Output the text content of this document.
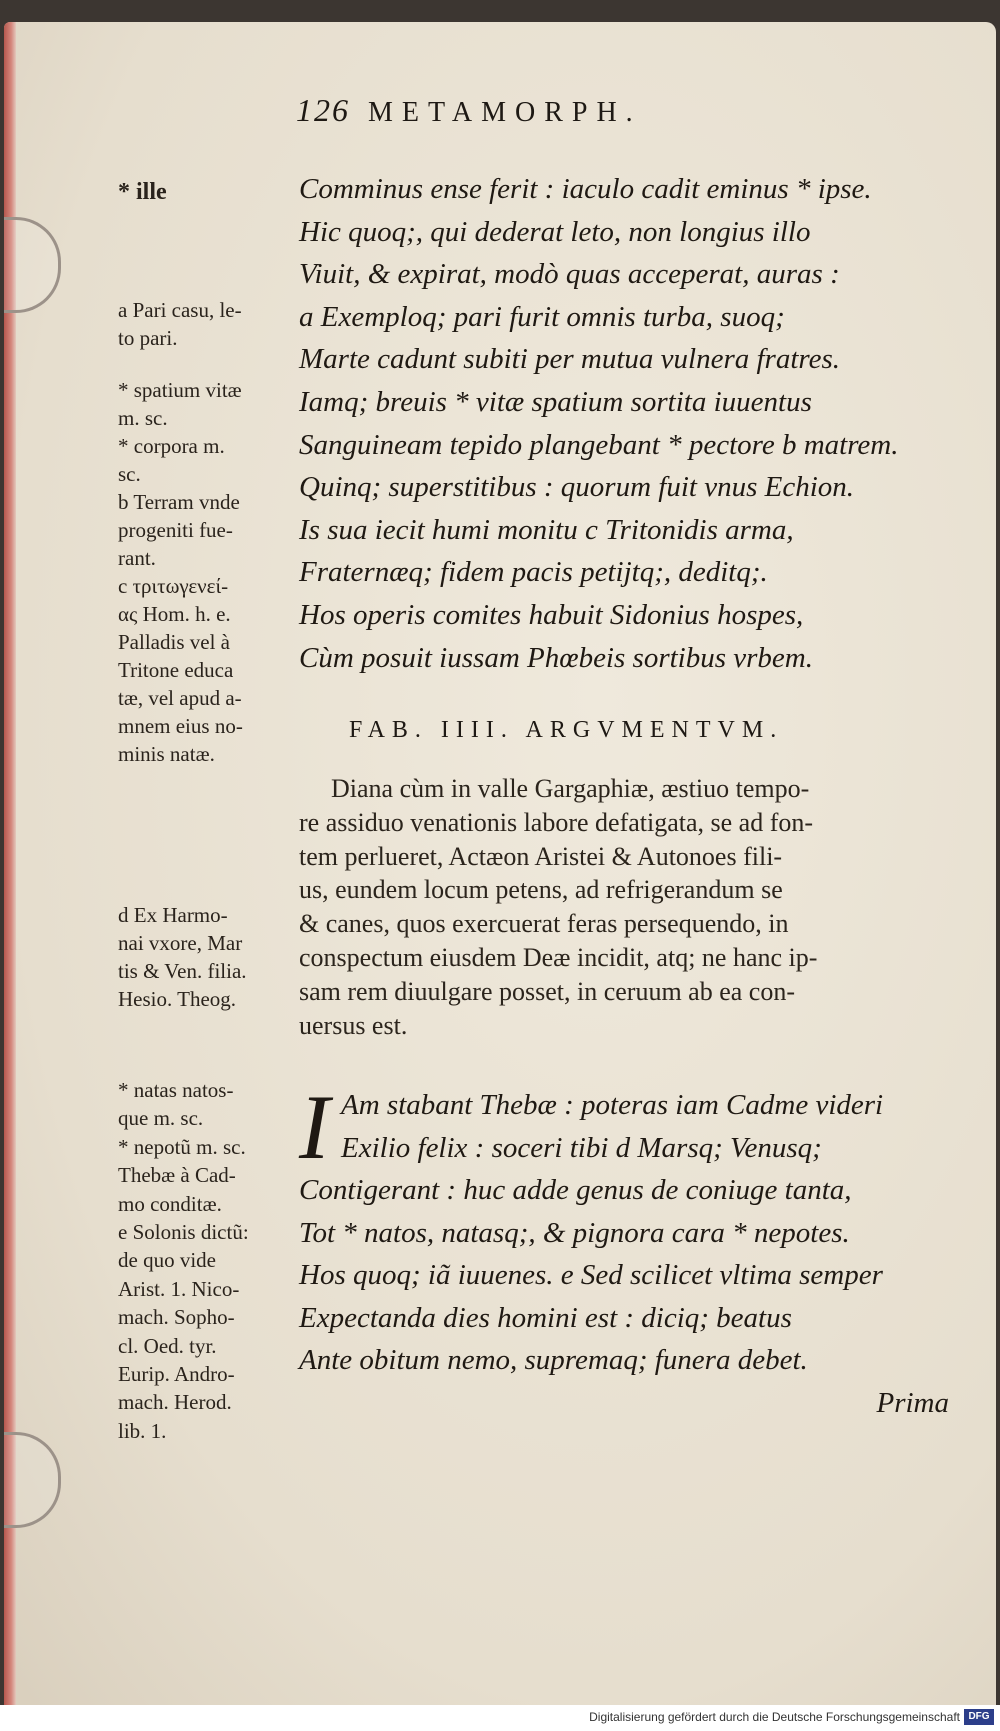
126 METAMORPH.
Comminus ense ferit : iaculo cadit eminus * ipse.
Hic quoq;, qui dederat leto, non longius illo
Viuit, & expirat, modò quas acceperat, auras :
a Exemploq; pari furit omnis turba, suoq;
Marte cadunt subiti per mutua vulnera fratres.
Iamq; breuis * vitæ spatium sortita iuuentus
Sanguineam tepido plangebant * pectore b matrem.
Quinq; superstitibus : quorum fuit vnus Echion.
Is sua iecit humi monitu c Tritonidis arma,
Fraternæq; fidem pacis petijtq;, deditq;.
Hos operis comites habuit Sidonius hospes,
Cùm posuit iussam Phœbeis sortibus vrbem.
FAB. IIII. ARGVMENTVM.
Diana cùm in valle Gargaphiæ, æstiuo tempo-
re assiduo venationis labore defatigata, se ad fon-
tem perlueret, Actæon Aristei & Autonoes fili-
us, eundem locum petens, ad refrigerandum se
& canes, quos exercuerat feras persequendo, in
conspectum eiusdem Deæ incidit, atq; ne hanc ip-
sam rem diuulgare posset, in ceruum ab ea con-
uersus est.
I Am stabant Thebæ : poteras iam Cadme videri
Exilio felix : soceri tibi d Marsq; Venusq;
Contigerant : huc adde genus de coniuge tanta,
Tot * natos, natasq;, & pignora cara * nepotes.
Hos quoq; iã iuuenes. e Sed scilicet vltima semper
Expectanda dies homini est : diciq; beatus
Ante obitum nemo, supremaq; funera debet.
Prima
* ille
a Pari casu, le-
to pari.
* spatium vitæ
m. sc.
* corpora m.
sc.
b Terram vnde
progeniti fue-
rant.
c τριτωγενεί-
ας Hom. h. e.
Palladis vel à
Tritone educa
tæ, vel apud a-
mnem eius no-
minis natæ.
d Ex Harmo-
nai vxore, Mar
tis & Ven. filia.
Hesio. Theog.
* natas natos-
que m. sc.
* nepotũ m. sc.
Thebæ à Cad-
mo conditæ.
e Solonis dictũ:
de quo vide
Arist. 1. Nico-
mach. Sopho-
cl. Oed. tyr.
Eurip. Andro-
mach. Herod.
lib. 1.
Digitalisierung gefördert durch die Deutsche Forschungsgemeinschaft DFG
